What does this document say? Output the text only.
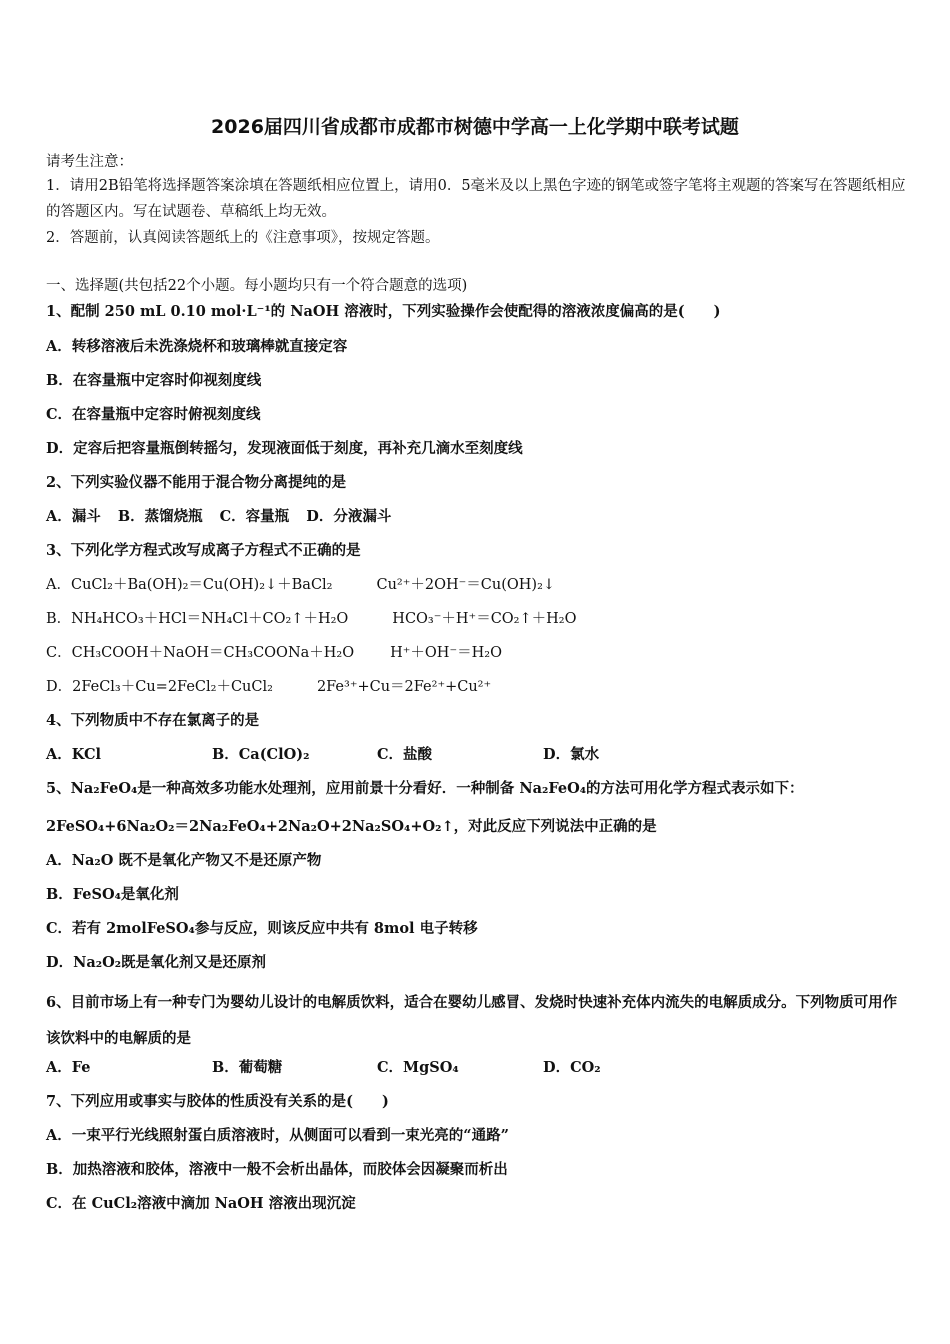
2026届四川省成都市成都市树德中学高一上化学期中联考试题
请考生注意：
1．请用2B铅笔将选择题答案涂填在答题纸相应位置上，请用0．5毫米及以上黑色字迹的钢笔或签字笔将主观题的答案写在答题纸相应的答题区内。写在试题卷、草稿纸上均无效。
2．答题前，认真阅读答题纸上的《注意事项》，按规定答题。
一、选择题(共包括22个小题。每小题均只有一个符合题意的选项)
1、配制 250 mL 0.10 mol·L⁻¹的 NaOH 溶液时，下列实验操作会使配得的溶液浓度偏高的是(　　)
A．转移溶液后未洗涤烧杯和玻璃棒就直接定容
B．在容量瓶中定容时仰视刻度线
C．在容量瓶中定容时俯视刻度线
D．定容后把容量瓶倒转摇匀，发现液面低于刻度，再补充几滴水至刻度线
2、下列实验仪器不能用于混合物分离提纯的是
A．漏斗 B．蒸馏烧瓶 C．容量瓶 D．分液漏斗
3、下列化学方程式改写成离子方程式不正确的是
A．CuCl₂＋Ba(OH)₂＝Cu(OH)₂↓＋BaCl₂	Cu²⁺＋2OH⁻＝Cu(OH)₂↓
B．NH₄HCO₃＋HCl＝NH₄Cl＋CO₂↑＋H₂O	HCO₃⁻＋H⁺＝CO₂↑＋H₂O
C．CH₃COOH＋NaOH＝CH₃COONa＋H₂O H⁺＋OH⁻＝H₂O
D．2FeCl₃＋Cu=2FeCl₂＋CuCl₂	2Fe³⁺+Cu＝2Fe²⁺+Cu²⁺
4、下列物质中不存在氯离子的是
A．KCl	B．Ca(ClO)₂	C．盐酸	D．氯水
5、Na₂FeO₄是一种高效多功能水处理剂，应用前景十分看好．一种制备 Na₂FeO₄的方法可用化学方程式表示如下：
2FeSO₄+6Na₂O₂＝2Na₂FeO₄+2Na₂O+2Na₂SO₄+O₂↑，对此反应下列说法中正确的是
A．Na₂O 既不是氧化产物又不是还原产物
B．FeSO₄是氧化剂
C．若有 2molFeSO₄参与反应，则该反应中共有 8mol 电子转移
D．Na₂O₂既是氧化剂又是还原剂
6、目前市场上有一种专门为婴幼儿设计的电解质饮料，适合在婴幼儿感冒、发烧时快速补充体内流失的电解质成分。下列物质可用作该饮料中的电解质的是
A．Fe	B．葡萄糖	C．MgSO₄	D．CO₂
7、下列应用或事实与胶体的性质没有关系的是(　　)
A．一束平行光线照射蛋白质溶液时，从侧面可以看到一束光亮的“通路”
B．加热溶液和胶体，溶液中一般不会析出晶体，而胶体会因凝聚而析出
C．在 CuCl₂溶液中滴加 NaOH 溶液出现沉淀
